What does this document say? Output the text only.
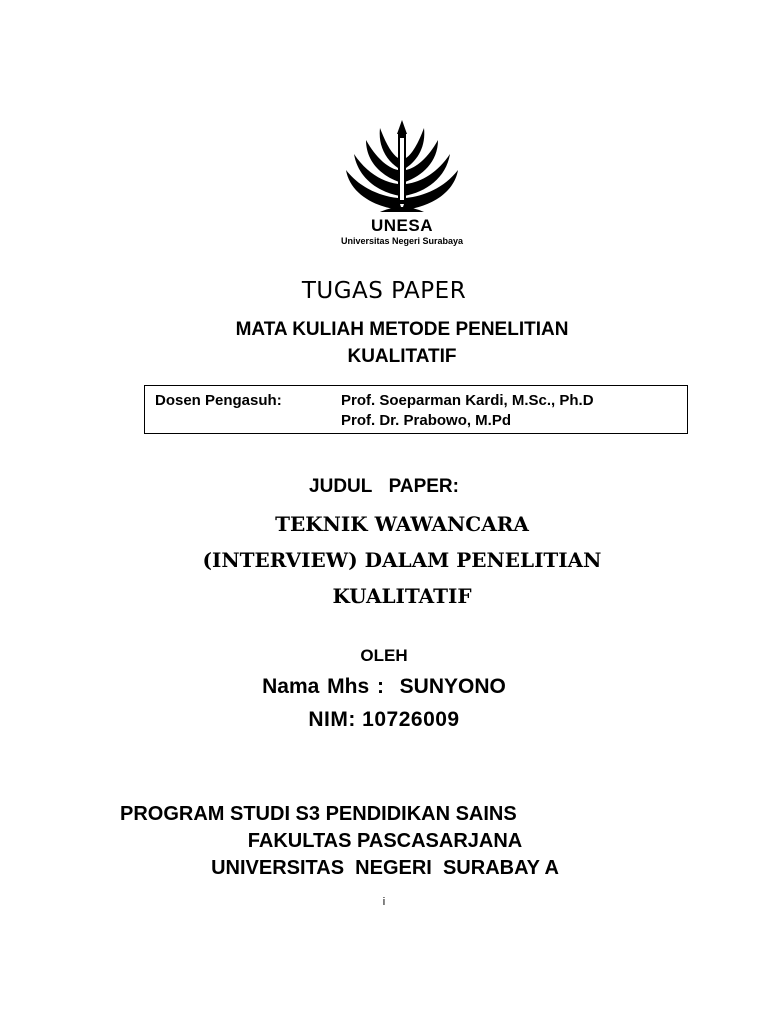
UNESA
Universitas Negeri Surabaya
TUGAS PAPER
MATA KULIAH METODE PENELITIAN
KUALITATIF
Dosen Pengasuh:	Prof. Soeparman Kardi, M.Sc., Ph.D
Prof. Dr. Prabowo, M.Pd
JUDUL  PAPER:
TEKNIK WAWANCARA
(INTERVIEW) DALAM PENELITIAN
KUALITATIF
OLEH
Nama Mhs :  SUNYONO
NIM: 10726009
PROGRAM STUDI S3 PENDIDIKAN SAINS
FAKULTAS PASCASARJANA
UNIVERSITAS  NEGERI  SURABAY A
i
